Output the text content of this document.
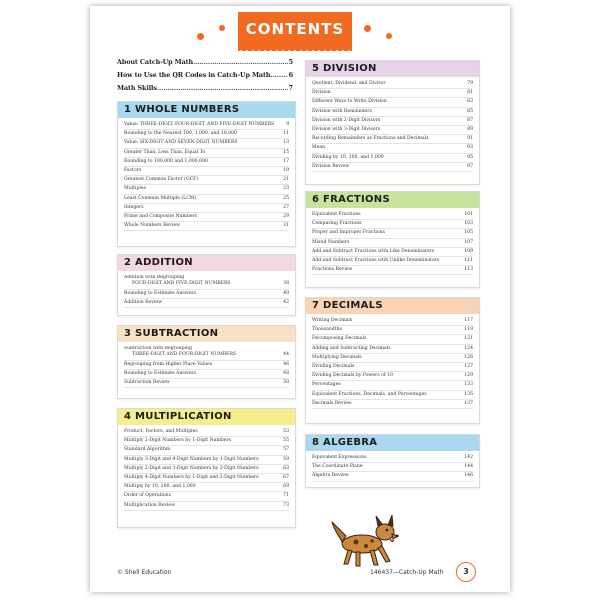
CONTENTS
About Catch-Up Math .....	5
How to Use the QR Codes in Catch-Up Math .....	6
Math Skills .....	7
1 WHOLE NUMBERS
Value: THREE-DIGIT, FOUR-DIGIT, AND FIVE-DIGIT NUMBERS	9
Rounding to the Nearest 100, 1,000, and 10,000	11
Value: SIX-DIGIT AND SEVEN-DIGIT NUMBERS	13
Greater Than, Less Than, Equal To	15
Rounding to 100,000 and 1,000,000	17
Factors	19
Greatest Common Factor (GCF)	21
Multiples	23
Least Common Multiple (LCM)	25
Integers	27
Prime and Composite Numbers	29
Whole Numbers Review	31
2 ADDITION
Addition with Regrouping
FOUR-DIGIT AND FIVE-DIGIT NUMBERS	38
Rounding to Estimate Answers	40
Addition Review	42
3 SUBTRACTION
Subtraction with Regrouping
THREE-DIGIT AND FOUR-DIGIT NUMBERS	44
Regrouping from Higher Place Values	46
Rounding to Estimate Answers	48
Subtraction Review	50
4 MULTIPLICATION
Product, Factors, and Multiples	53
Multiply 2-Digit Numbers by 1-Digit Numbers	55
Standard Algorithm	57
Multiply 3-Digit and 4-Digit Numbers by 1-Digit Numbers	59
Multiply 2-Digit and 3-Digit Numbers by 2-Digit Numbers	63
Multiply 4-Digit Numbers by 1-Digit and 2-Digit Numbers	67
Multiply by 10, 100, and 1,000	69
Order of Operations	71
Multiplication Review	73
5 DIVISION
Quotient, Dividend, and Divisor	79
Division	81
Different Ways to Write Division	83
Division with Remainders	85
Division with 2-Digit Divisors	87
Division with 3-Digit Divisors	89
Recording Remainders as Fractions and Decimals	91
Mean	93
Dividing by 10, 100, and 1,000	95
Division Review	97
6 FRACTIONS
Equivalent Fractions	101
Comparing Fractions	103
Proper and Improper Fractions	105
Mixed Numbers	107
Add and Subtract Fractions with Like Denominators	109
Add and Subtract Fractions with Unlike Denominators	111
Fractions Review	113
7 DECIMALS
Writing Decimals	117
Thousandths	119
Decomposing Decimals	121
Adding and Subtracting Decimals	124
Multiplying Decimals	126
Dividing Decimals	127
Dividing Decimals by Powers of 10	129
Percentages	133
Equivalent Fractions, Decimals, and Percentages	135
Decimals Review	137
8 ALGEBRA
Equivalent Expressions	142
The Coordinate Plane	144
Algebra Review	146
© Shell Education	146437—Catch-Up Math	3
